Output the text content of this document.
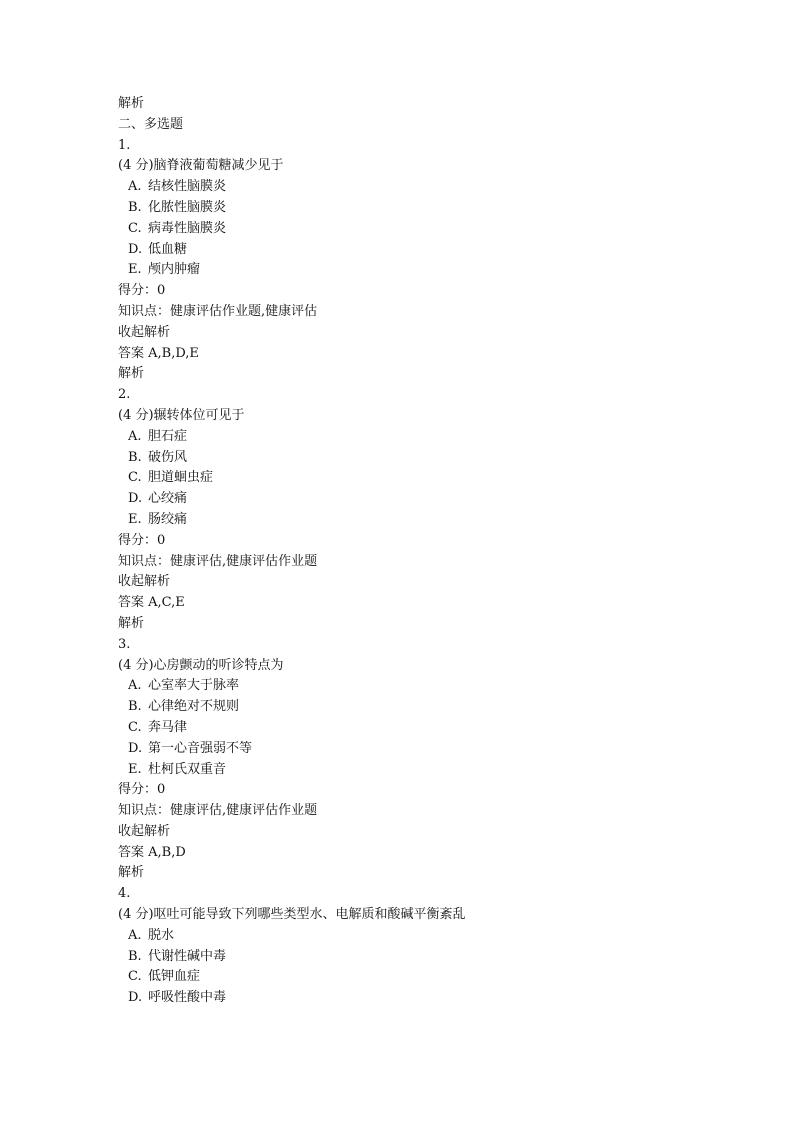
解析
二、多选题
1.
(4 分)脑脊液葡萄糖减少见于
A. 结核性脑膜炎
B. 化脓性脑膜炎
C. 病毒性脑膜炎
D. 低血糖
E. 颅内肿瘤
得分：0
知识点：健康评估作业题,健康评估
收起解析
答案 A,B,D,E
解析
2.
(4 分)辗转体位可见于
A. 胆石症
B. 破伤风
C. 胆道蛔虫症
D. 心绞痛
E. 肠绞痛
得分：0
知识点：健康评估,健康评估作业题
收起解析
答案 A,C,E
解析
3.
(4 分)心房颤动的听诊特点为
A. 心室率大于脉率
B. 心律绝对不规则
C. 奔马律
D. 第一心音强弱不等
E. 杜柯氏双重音
得分：0
知识点：健康评估,健康评估作业题
收起解析
答案 A,B,D
解析
4.
(4 分)呕吐可能导致下列哪些类型水、电解质和酸碱平衡紊乱
A. 脱水
B. 代谢性碱中毒
C. 低钾血症
D. 呼吸性酸中毒
